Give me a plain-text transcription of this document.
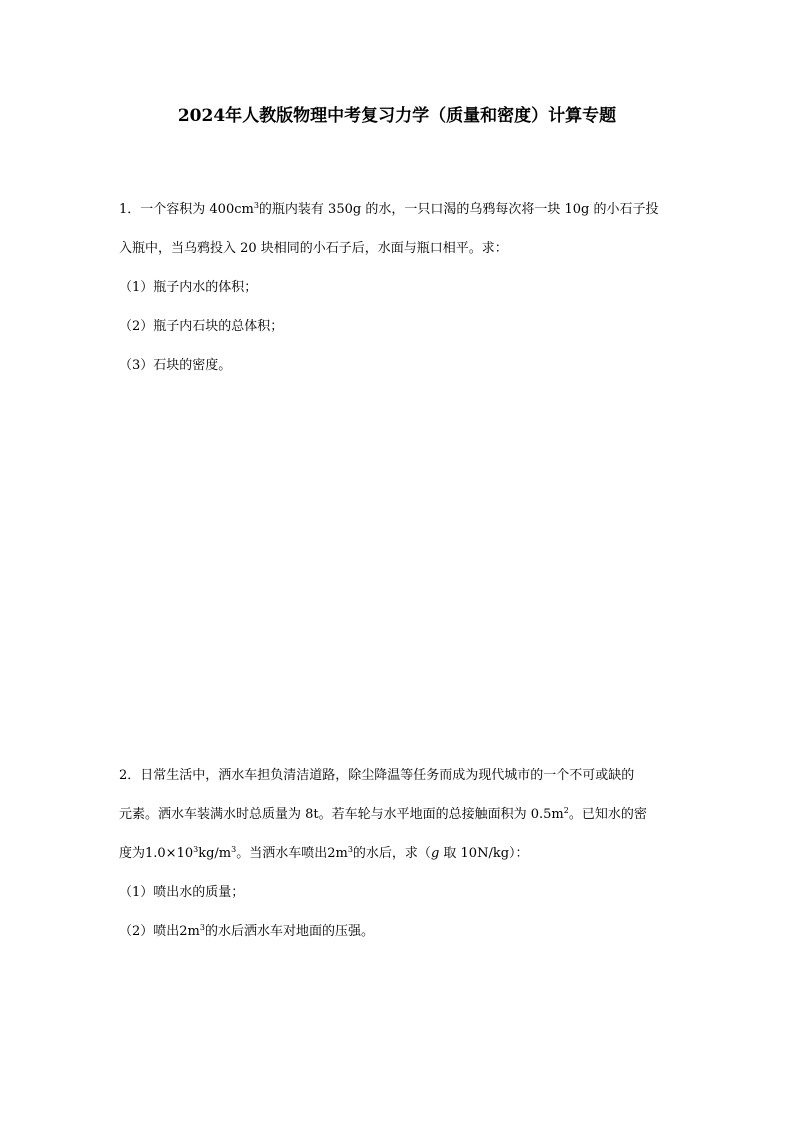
2024年人教版物理中考复习力学（质量和密度）计算专题
1．一个容积为 $400cm^3$的瓶内装有 350g 的水，一只口渴的乌鸦每次将一块 10g 的小石子投
入瓶中，当乌鸦投入 20 块相同的小石子后，水面与瓶口相平。求：
（1）瓶子内水的体积；
（2）瓶子内石块的总体积；
（3）石块的密度。
2．日常生活中，洒水车担负清洁道路，除尘降温等任务而成为现代城市的一个不可或缺的
元素。洒水车装满水时总质量为 8t。若车轮与水平地面的总接触面积为 $0.5m^2$。已知水的密
度为$1.0\times 10^3kg/m^3$。当洒水车喷出$2m^3$的水后，求（g 取 10N/kg）：
（1）喷出水的质量；
（2）喷出$2m^3$的水后洒水车对地面的压强。
